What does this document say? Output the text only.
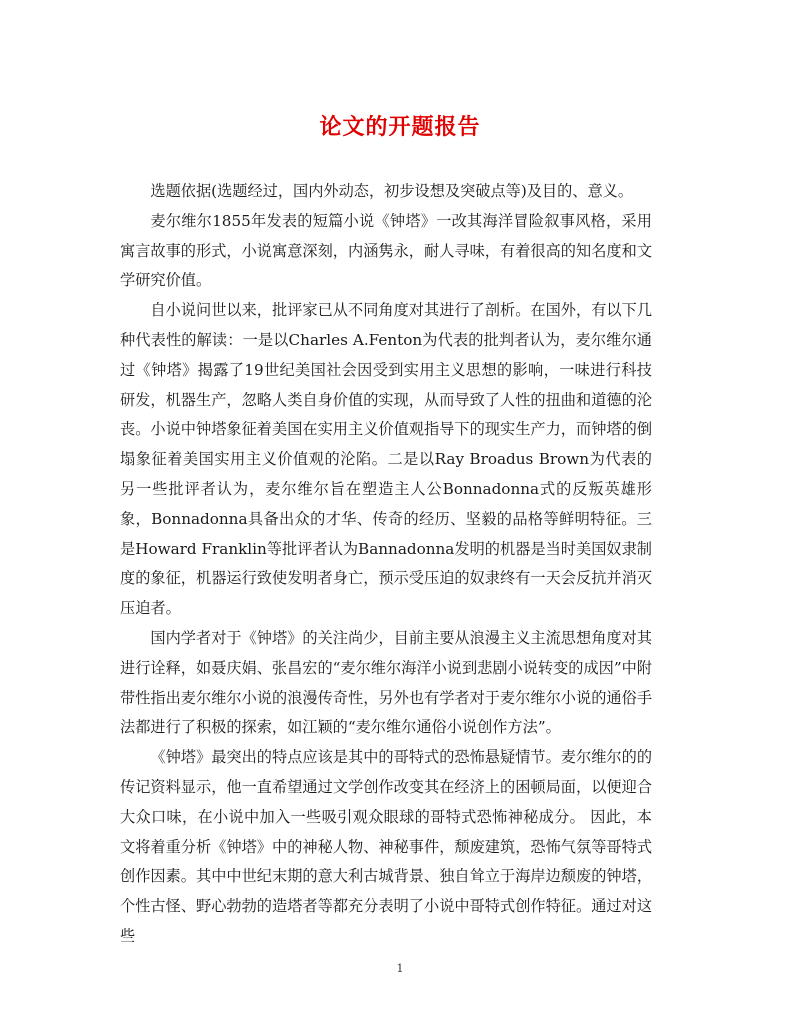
论文的开题报告

选题依据(选题经过，国内外动态，初步设想及突破点等)及目的、意义。

麦尔维尔1855年发表的短篇小说《钟塔》一改其海洋冒险叙事风格，采用寓言故事的形式，小说寓意深刻，内涵隽永，耐人寻味，有着很高的知名度和文学研究价值。

自小说问世以来，批评家已从不同角度对其进行了剖析。在国外，有以下几种代表性的解读：一是以Charles A.Fenton为代表的批判者认为，麦尔维尔通过《钟塔》揭露了19世纪美国社会因受到实用主义思想的影响，一味进行科技研发，机器生产，忽略人类自身价值的实现，从而导致了人性的扭曲和道德的沦丧。小说中钟塔象征着美国在实用主义价值观指导下的现实生产力，而钟塔的倒塌象征着美国实用主义价值观的沦陷。二是以Ray Broadus Brown为代表的另一些批评者认为，麦尔维尔旨在塑造主人公Bonnadonna式的反叛英雄形象，Bonnadonna具备出众的才华、传奇的经历、坚毅的品格等鲜明特征。三是Howard Franklin等批评者认为Bannadonna发明的机器是当时美国奴隶制度的象征，机器运行致使发明者身亡，预示受压迫的奴隶终有一天会反抗并消灭压迫者。

国内学者对于《钟塔》的关注尚少，目前主要从浪漫主义主流思想角度对其进行诠释，如聂庆娟、张昌宏的“麦尔维尔海洋小说到悲剧小说转变的成因”中附带性指出麦尔维尔小说的浪漫传奇性，另外也有学者对于麦尔维尔小说的通俗手法都进行了积极的探索，如江颖的“麦尔维尔通俗小说创作方法”。

《钟塔》最突出的特点应该是其中的哥特式的恐怖悬疑情节。麦尔维尔的的传记资料显示，他一直希望通过文学创作改变其在经济上的困顿局面，以便迎合大众口味，在小说中加入一些吸引观众眼球的哥特式恐怖神秘成分。 因此，本文将着重分析《钟塔》中的神秘人物、神秘事件，颓废建筑，恐怖气氛等哥特式创作因素。其中中世纪末期的意大利古城背景、独自耸立于海岸边颓废的钟塔，个性古怪、野心勃勃的造塔者等都充分表明了小说中哥特式创作特征。通过对这些

1
